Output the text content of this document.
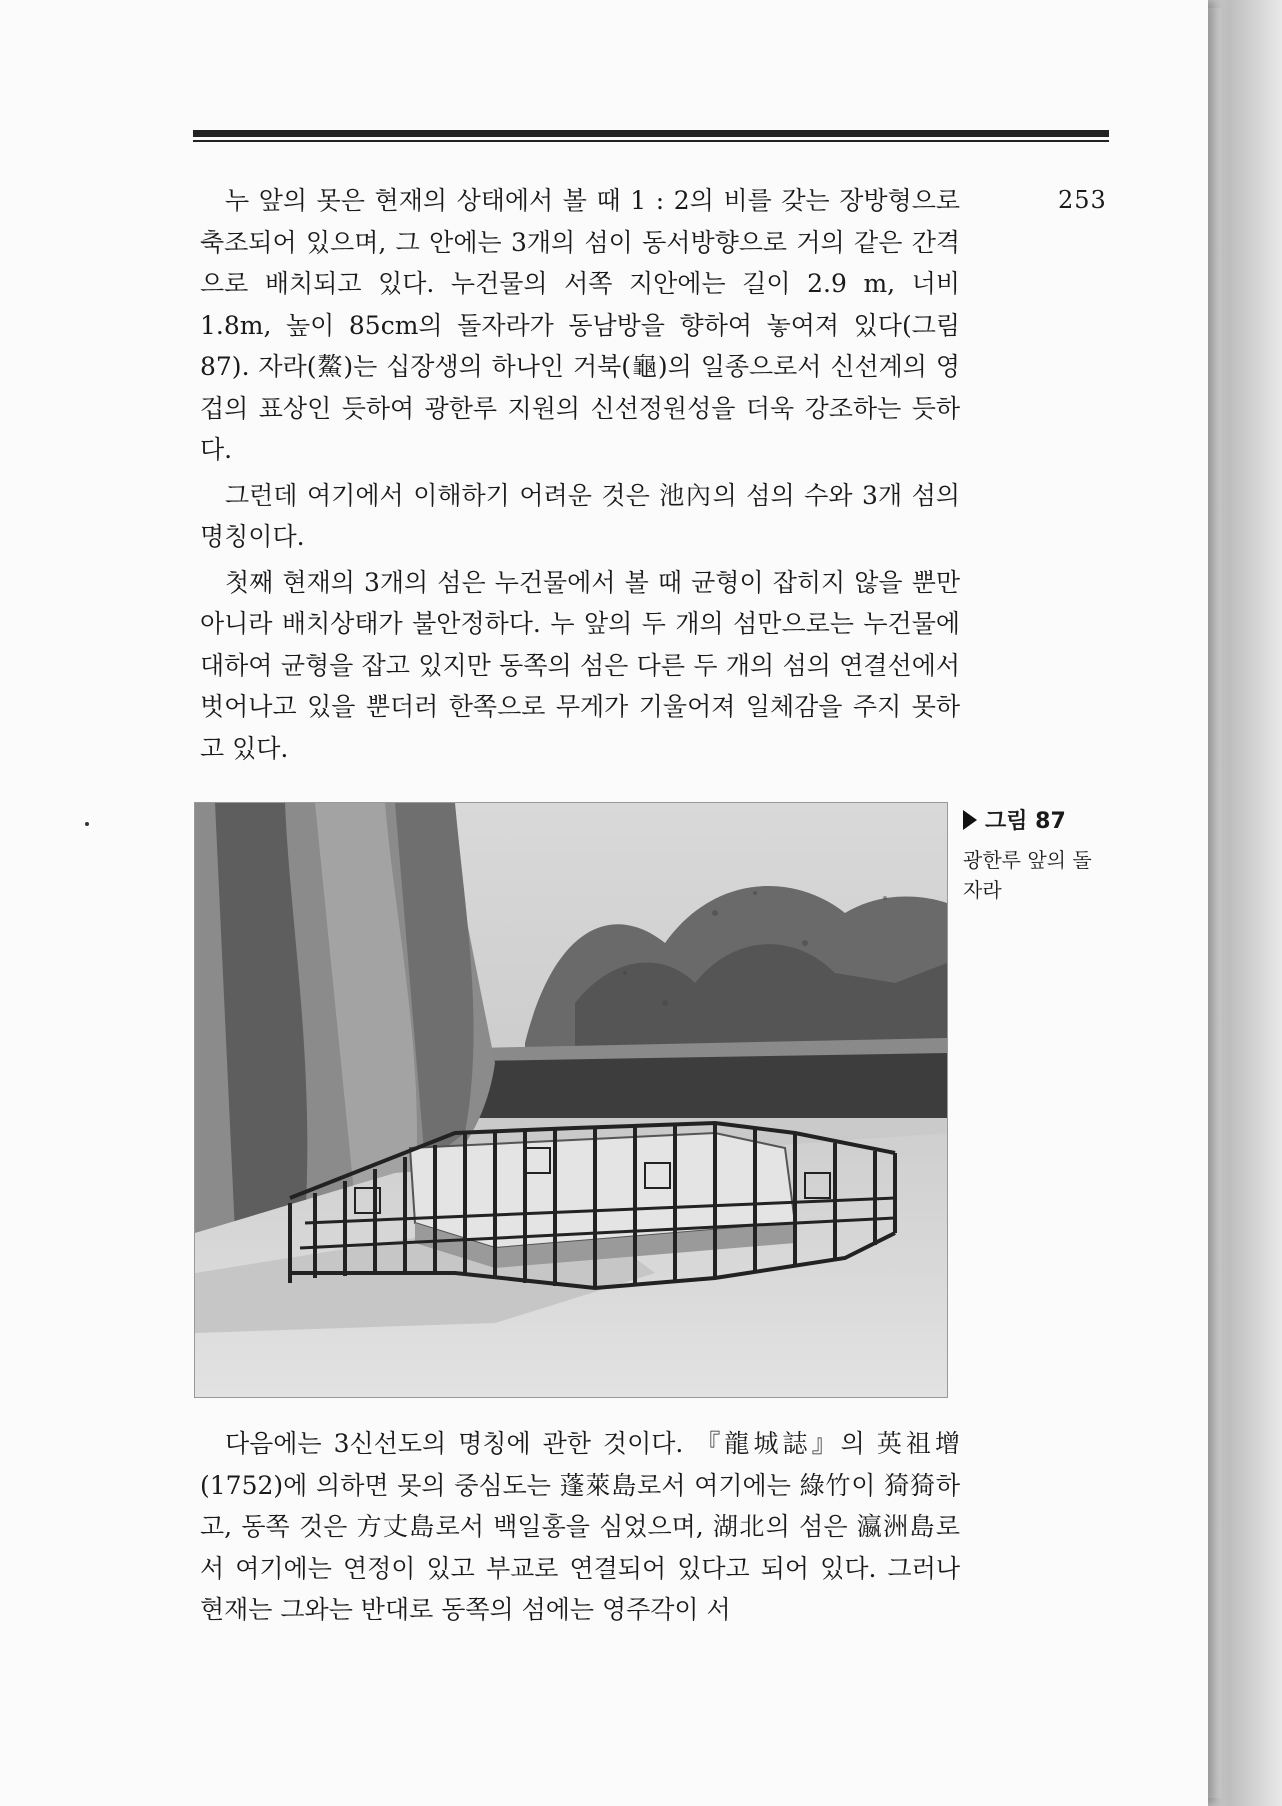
253

누 앞의 못은 현재의 상태에서 볼 때 1 : 2의 비를 갖는 장방형으로 축조되어 있으며, 그 안에는 3개의 섬이 동서방향으로 거의 같은 간격으로 배치되고 있다. 누건물의 서쪽 지안에는 길이 2.9 m, 너비 1.8m, 높이 85cm의 돌자라가 동남방을 향하여 놓여져 있다(그림 87). 자라(鰲)는 십장생의 하나인 거북(龜)의 일종으로서 신선계의 영겁의 표상인 듯하여 광한루 지원의 신선정원성을 더욱 강조하는 듯하다.

그런데 여기에서 이해하기 어려운 것은 池內의 섬의 수와 3개 섬의 명칭이다.

첫째 현재의 3개의 섬은 누건물에서 볼 때 균형이 잡히지 않을 뿐만 아니라 배치상태가 불안정하다. 누 앞의 두 개의 섬만으로는 누건물에 대하여 균형을 잡고 있지만 동쪽의 섬은 다른 두 개의 섬의 연결선에서 벗어나고 있을 뿐더러 한쪽으로 무게가 기울어져 일체감을 주지 못하고 있다.

그림 87
광한루 앞의 돌자라

다음에는 3신선도의 명칭에 관한 것이다. 『龍城誌』의 英祖增(1752)에 의하면 못의 중심도는 蓬萊島로서 여기에는 綠竹이 猗猗하고, 동쪽 것은 方丈島로서 백일홍을 심었으며, 湖北의 섬은 瀛洲島로서 여기에는 연정이 있고 부교로 연결되어 있다고 되어 있다. 그러나 현재는 그와는 반대로 동쪽의 섬에는 영주각이 서
